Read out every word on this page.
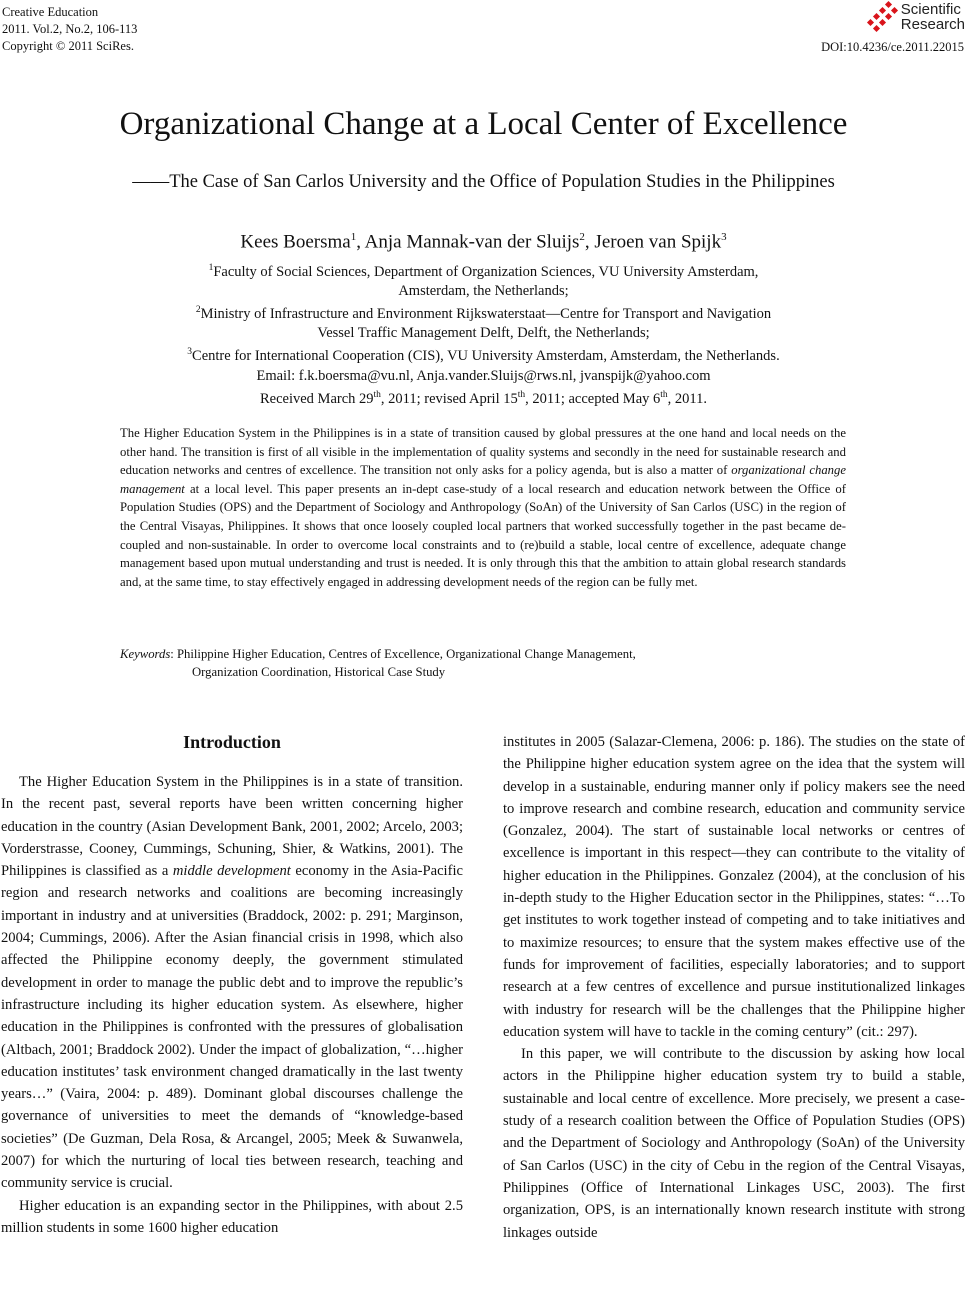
Creative Education
2011. Vol.2, No.2, 106-113
Copyright © 2011 SciRes.
Scientific
Research
DOI:10.4236/ce.2011.22015
Organizational Change at a Local Center of Excellence
——The Case of San Carlos University and the Office of Population Studies in the Philippines
Kees Boersma$^1$, Anja Mannak-van der Sluijs$^2$, Jeroen van Spijk$^3$
$^1$Faculty of Social Sciences, Department of Organization Sciences, VU University Amsterdam,
Amsterdam, the Netherlands;
$^2$Ministry of Infrastructure and Environment Rijkswaterstaat—Centre for Transport and Navigation
Vessel Traffic Management Delft, Delft, the Netherlands;
$^3$Centre for International Cooperation (CIS), VU University Amsterdam, Amsterdam, the Netherlands.
Email: f.k.boersma@vu.nl, Anja.vander.Sluijs@rws.nl, jvanspijk@yahoo.com
Received March 29th, 2011; revised April 15th, 2011; accepted May 6th, 2011.
The Higher Education System in the Philippines is in a state of transition caused by global pressures at the one hand and local needs on the other hand. The transition is first of all visible in the implementation of quality systems and secondly in the need for sustainable research and education networks and centres of excellence. The transition not only asks for a policy agenda, but is also a matter of organizational change management at a local level. This paper presents an in-dept case-study of a local research and education network between the Office of Population Studies (OPS) and the Department of Sociology and Anthropology (SoAn) of the University of San Carlos (USC) in the region of the Central Visayas, Philippines. It shows that once loosely coupled local partners that worked successfully together in the past became de-coupled and non-sustainable. In order to overcome local constraints and to (re)build a stable, local centre of excellence, adequate change management based upon mutual understanding and trust is needed. It is only through this that the ambition to attain global research standards and, at the same time, to stay effectively engaged in addressing development needs of the region can be fully met.
Keywords: Philippine Higher Education, Centres of Excellence, Organizational Change Management,
Organization Coordination, Historical Case Study
Introduction

The Higher Education System in the Philippines is in a state of transition. In the recent past, several reports have been written concerning higher education in the country (Asian Development Bank, 2001, 2002; Arcelo, 2003; Vorderstrasse, Cooney, Cummings, Schuning, Shier, & Watkins, 2001). The Philippines is classified as a middle development economy in the Asia-Pacific region and research networks and coalitions are becoming increasingly important in industry and at universities (Braddock, 2002: p. 291; Marginson, 2004; Cummings, 2006). After the Asian financial crisis in 1998, which also affected the Philippine economy deeply, the government stimulated development in order to manage the public debt and to improve the republic’s infrastructure including its higher education system. As elsewhere, higher education in the Philippines is confronted with the pressures of globalisation (Altbach, 2001; Braddock 2002). Under the impact of globalization, “…higher education institutes’ task environment changed dramatically in the last twenty years…” (Vaira, 2004: p. 489). Dominant global discourses challenge the governance of universities to meet the demands of “knowledge-based societies” (De Guzman, Dela Rosa, & Arcangel, 2005; Meek & Suwanwela, 2007) for which the nurturing of local ties between research, teaching and community service is crucial.

Higher education is an expanding sector in the Philippines, with about 2.5 million students in some 1600 higher education

institutes in 2005 (Salazar-Clemena, 2006: p. 186). The studies on the state of the Philippine higher education system agree on the idea that the system will develop in a sustainable, enduring manner only if policy makers see the need to improve research and combine research, education and community service (Gonzalez, 2004). The start of sustainable local networks or centres of excellence is important in this respect—they can contribute to the vitality of higher education in the Philippines. Gonzalez (2004), at the conclusion of his in-depth study to the Higher Education sector in the Philippines, states: “…To get institutes to work together instead of competing and to take initiatives and to maximize resources; to ensure that the system makes effective use of the funds for improvement of facilities, especially laboratories; and to support research at a few centres of excellence and pursue institutionalized linkages with industry for research will be the challenges that the Philippine higher education system will have to tackle in the coming century” (cit.: 297).

In this paper, we will contribute to the discussion by asking how local actors in the Philippine higher education system try to build a stable, sustainable and local centre of excellence. More precisely, we present a case-study of a research coalition between the Office of Population Studies (OPS) and the Department of Sociology and Anthropology (SoAn) of the University of San Carlos (USC) in the city of Cebu in the region of the Central Visayas, Philippines (Office of International Linkages USC, 2003). The first organization, OPS, is an internationally known research institute with strong linkages outside
